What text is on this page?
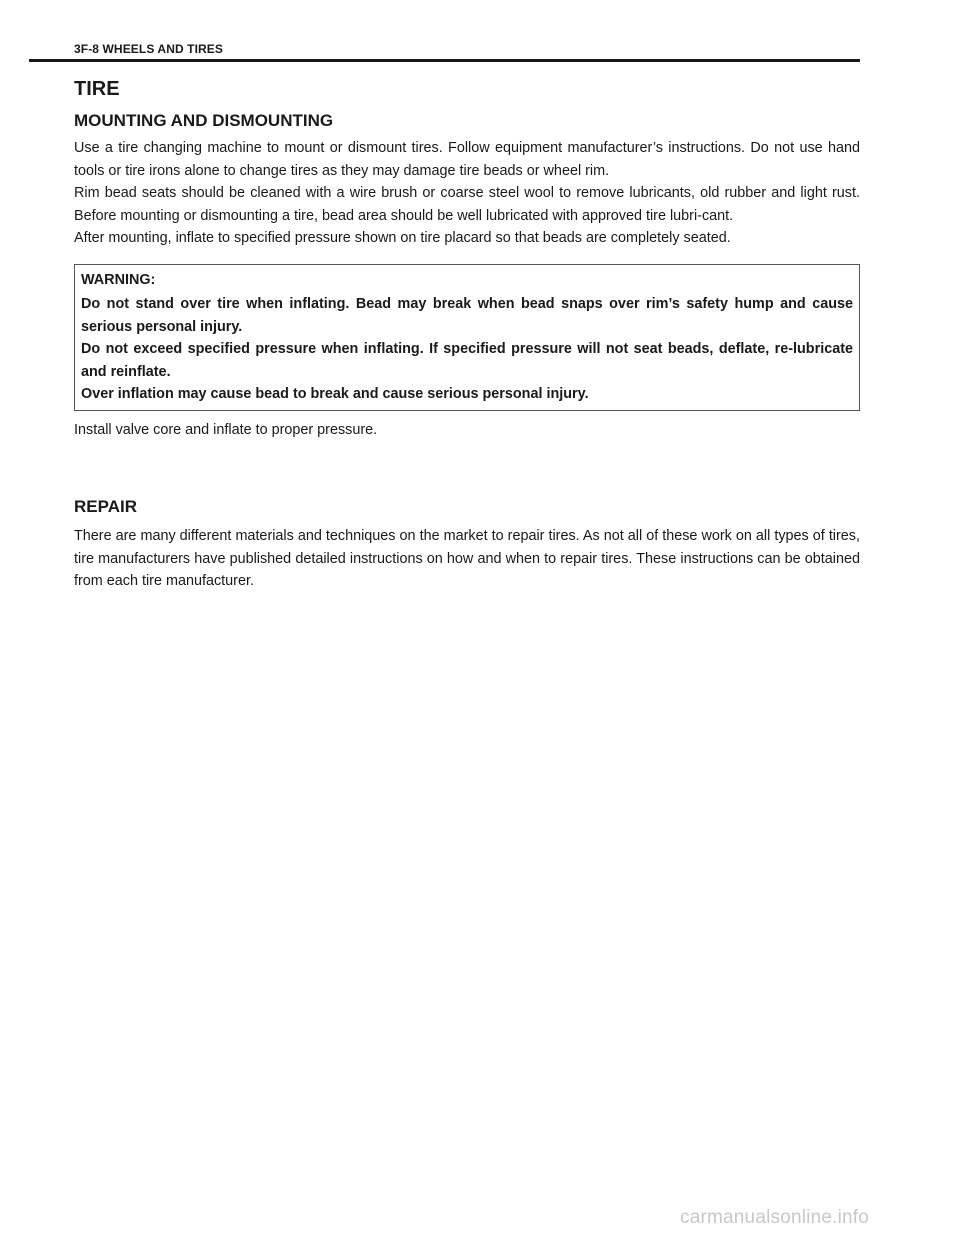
3F-8 WHEELS AND TIRES
TIRE
MOUNTING AND DISMOUNTING

Use a tire changing machine to mount or dismount tires. Follow equipment manufacturer’s instructions. Do not use hand tools or tire irons alone to change tires as they may damage tire beads or wheel rim.

Rim bead seats should be cleaned with a wire brush or coarse steel wool to remove lubricants, old rubber and light rust. Before mounting or dismounting a tire, bead area should be well lubricated with approved tire lubri-cant.

After mounting, inflate to specified pressure shown on tire placard so that beads are completely seated.

WARNING:

Do not stand over tire when inflating. Bead may break when bead snaps over rim’s safety hump and cause serious personal injury.

Do not exceed specified pressure when inflating. If specified pressure will not seat beads, deflate, re-lubricate and reinflate.

Over inflation may cause bead to break and cause serious personal injury.

Install valve core and inflate to proper pressure.

REPAIR

There are many different materials and techniques on the market to repair tires. As not all of these work on all types of tires, tire manufacturers have published detailed instructions on how and when to repair tires. These instructions can be obtained from each tire manufacturer.

carmanualsonline.info
